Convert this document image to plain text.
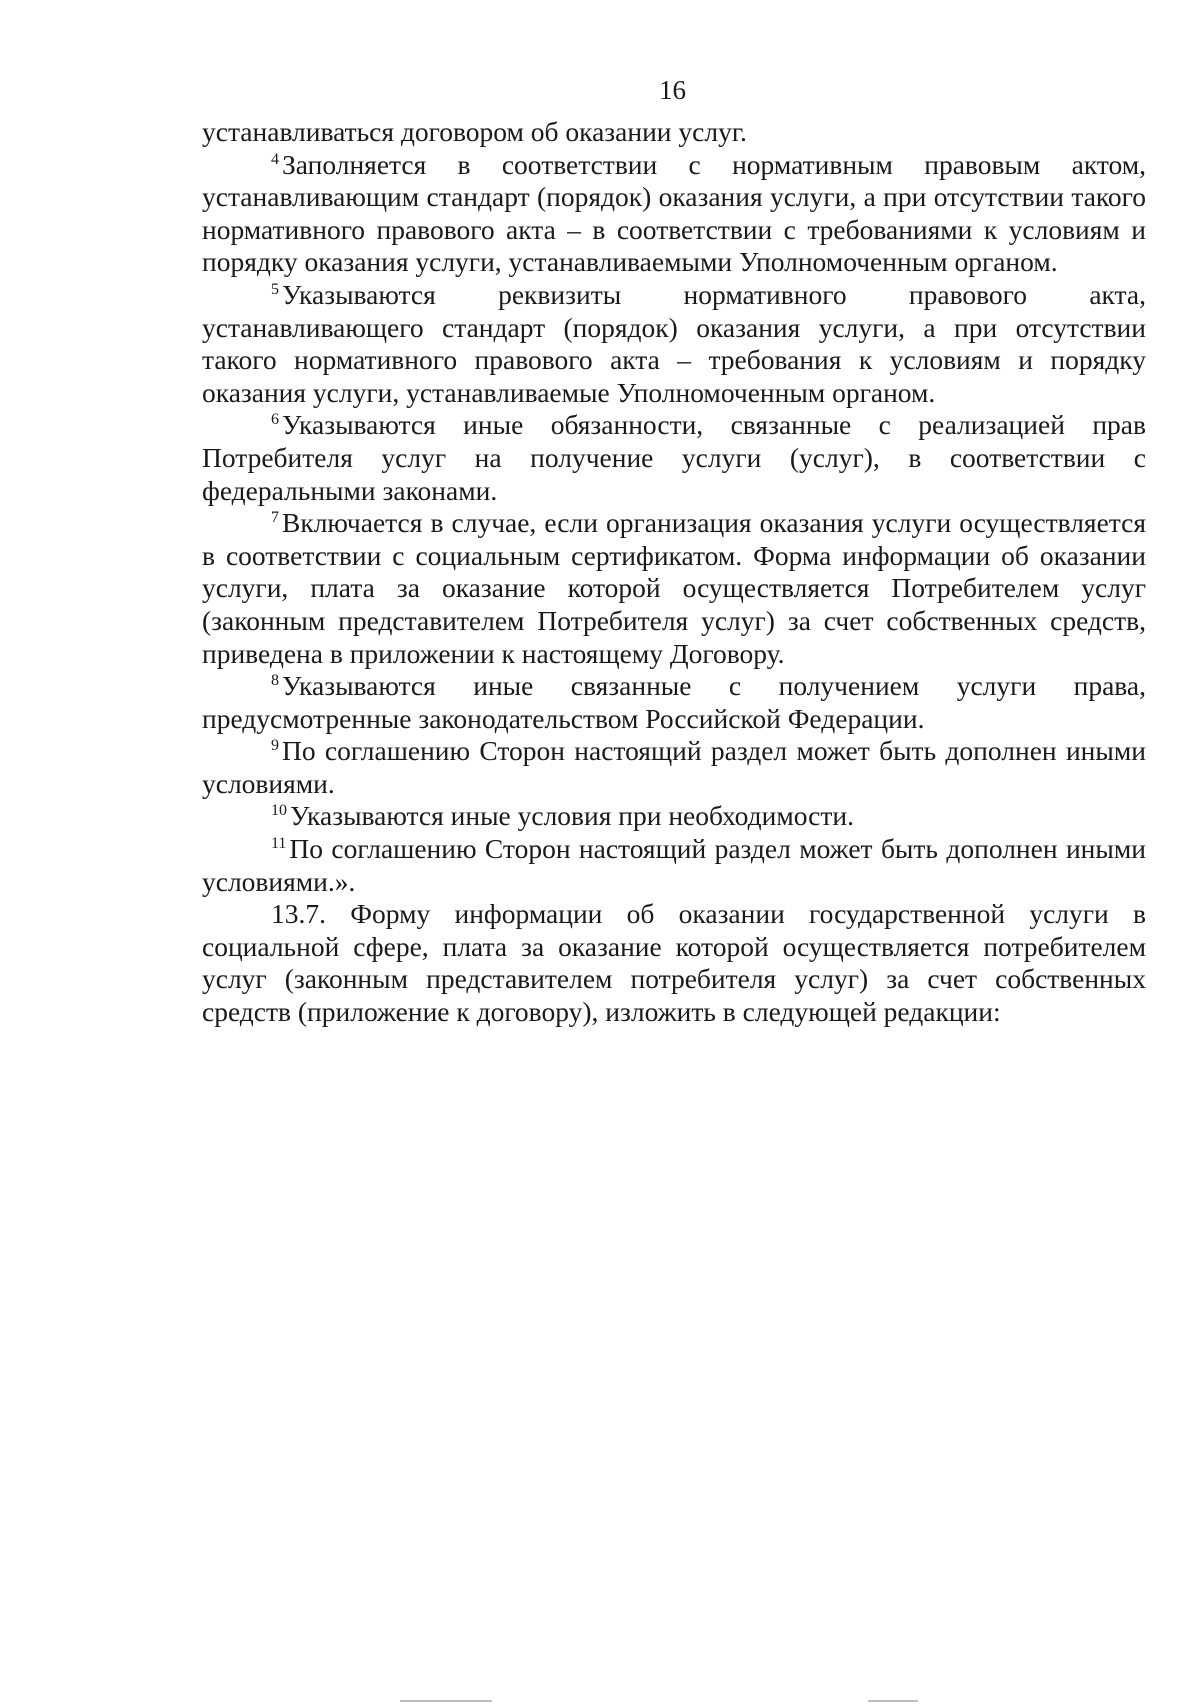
16

устанавливаться договором об оказании услуг.

$^4$ Заполняется в соответствии с нормативным правовым актом, устанавливающим стандарт (порядок) оказания услуги, а при отсутствии такого нормативного правового акта – в соответствии с требованиями к условиям и порядку оказания услуги, устанавливаемыми Уполномоченным органом.

$^5$ Указываются реквизиты нормативного правового акта, устанавливающего стандарт (порядок) оказания услуги, а при отсутствии такого нормативного правового акта – требования к условиям и порядку оказания услуги, устанавливаемые Уполномоченным органом.

$^6$ Указываются иные обязанности, связанные с реализацией прав Потребителя услуг на получение услуги (услуг), в соответствии с федеральными законами.

$^7$ Включается в случае, если организация оказания услуги осуществляется в соответствии с социальным сертификатом. Форма информации об оказании услуги, плата за оказание которой осуществляется Потребителем услуг (законным представителем Потребителя услуг) за счет собственных средств, приведена в приложении к настоящему Договору.

$^8$ Указываются иные связанные с получением услуги права, предусмотренные законодательством Российской Федерации.

$^9$ По соглашению Сторон настоящий раздел может быть дополнен иными условиями.

$^{10}$ Указываются иные условия при необходимости.

$^{11}$ По соглашению Сторон настоящий раздел может быть дополнен иными условиями.».

13.7. Форму информации об оказании государственной услуги в социальной сфере, плата за оказание которой осуществляется потребителем услуг (законным представителем потребителя услуг) за счет собственных средств (приложение к договору), изложить в следующей редакции:
